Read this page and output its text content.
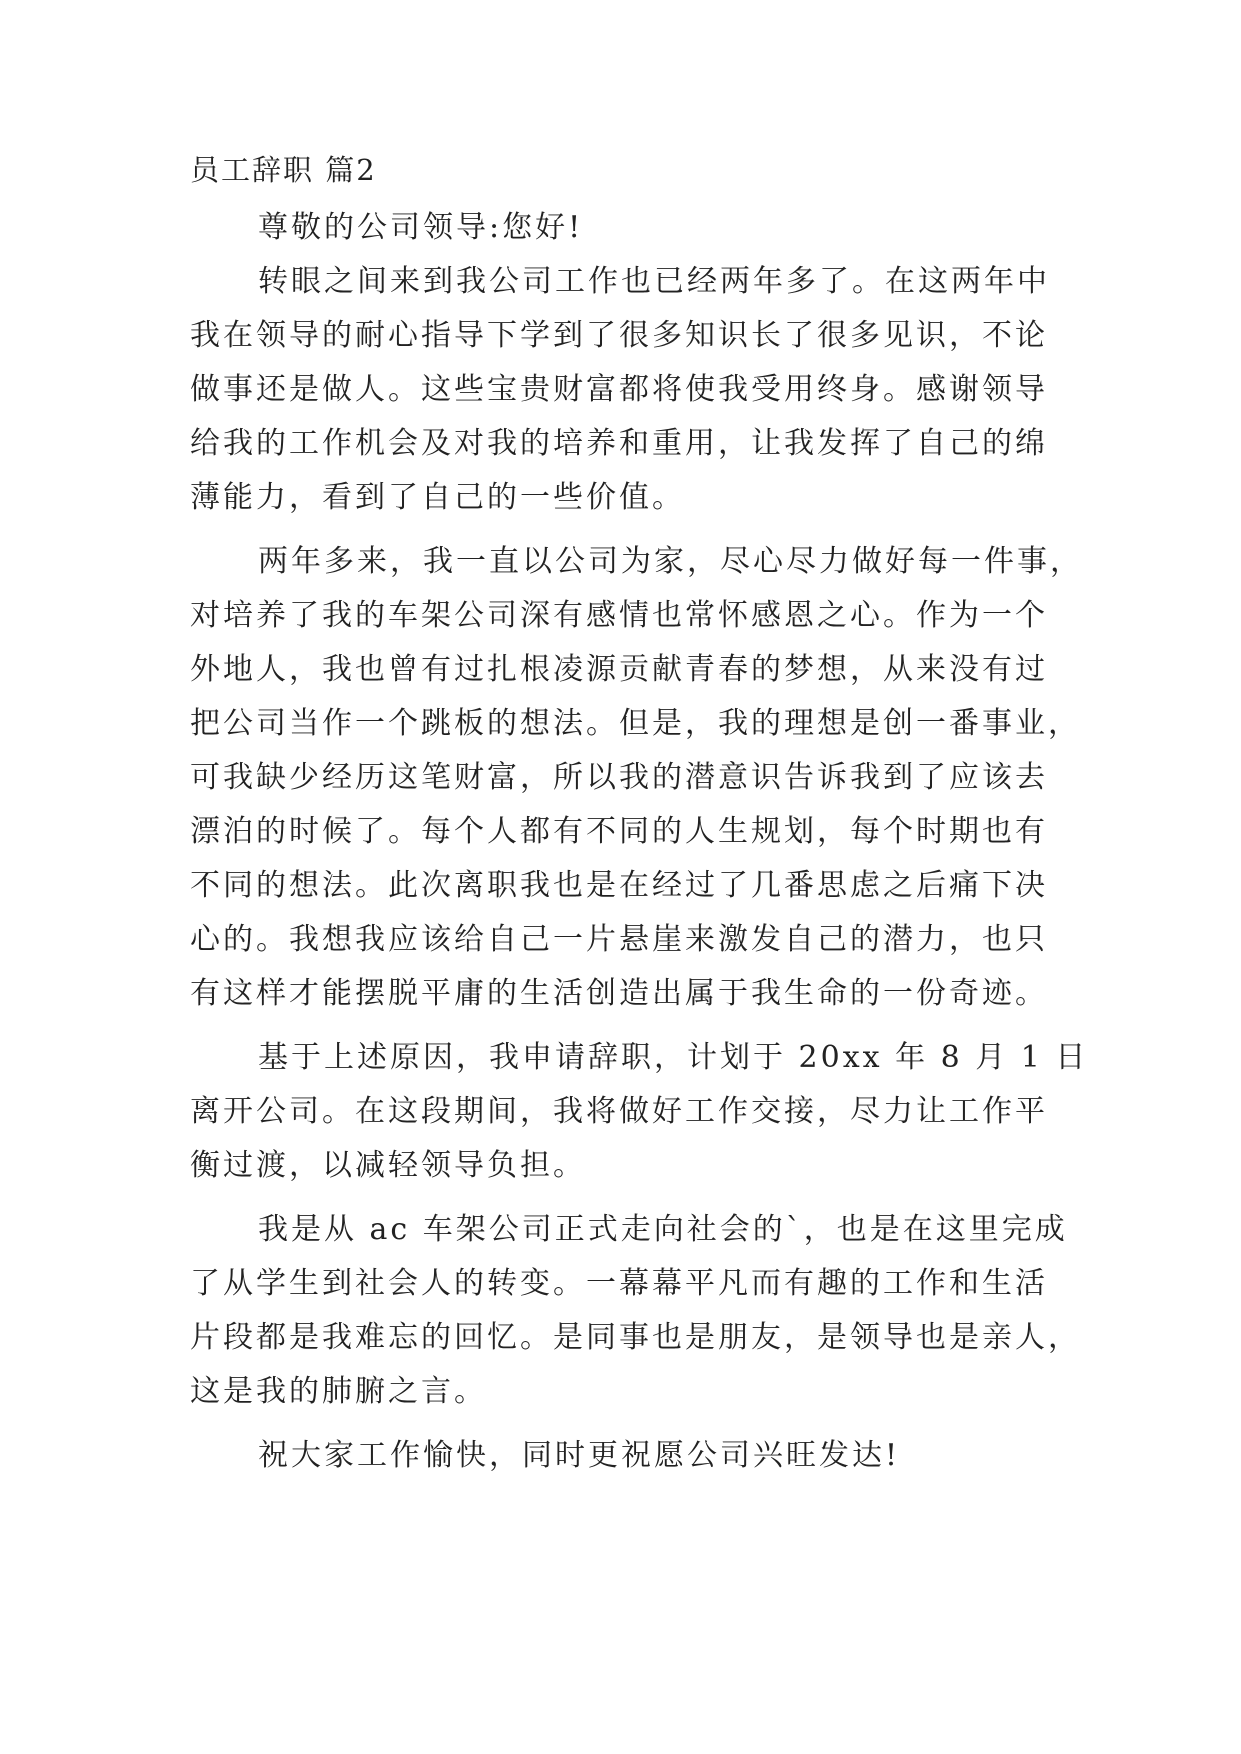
员工辞职 篇2
尊敬的公司领导:您好!
转眼之间来到我公司工作也已经两年多了。在这两年中
我在领导的耐心指导下学到了很多知识长了很多见识，不论
做事还是做人。这些宝贵财富都将使我受用终身。感谢领导
给我的工作机会及对我的培养和重用，让我发挥了自己的绵
薄能力，看到了自己的一些价值。
两年多来，我一直以公司为家，尽心尽力做好每一件事，
对培养了我的车架公司深有感情也常怀感恩之心。作为一个
外地人，我也曾有过扎根凌源贡献青春的梦想，从来没有过
把公司当作一个跳板的想法。但是，我的理想是创一番事业，
可我缺少经历这笔财富，所以我的潜意识告诉我到了应该去
漂泊的时候了。每个人都有不同的人生规划，每个时期也有
不同的想法。此次离职我也是在经过了几番思虑之后痛下决
心的。我想我应该给自己一片悬崖来激发自己的潜力，也只
有这样才能摆脱平庸的生活创造出属于我生命的一份奇迹。
基于上述原因，我申请辞职，计划于 20xx 年 8 月 1 日
离开公司。在这段期间，我将做好工作交接，尽力让工作平
衡过渡，以减轻领导负担。
我是从 ac 车架公司正式走向社会的`，也是在这里完成
了从学生到社会人的转变。一幕幕平凡而有趣的工作和生活
片段都是我难忘的回忆。是同事也是朋友，是领导也是亲人，
这是我的肺腑之言。
祝大家工作愉快，同时更祝愿公司兴旺发达!
